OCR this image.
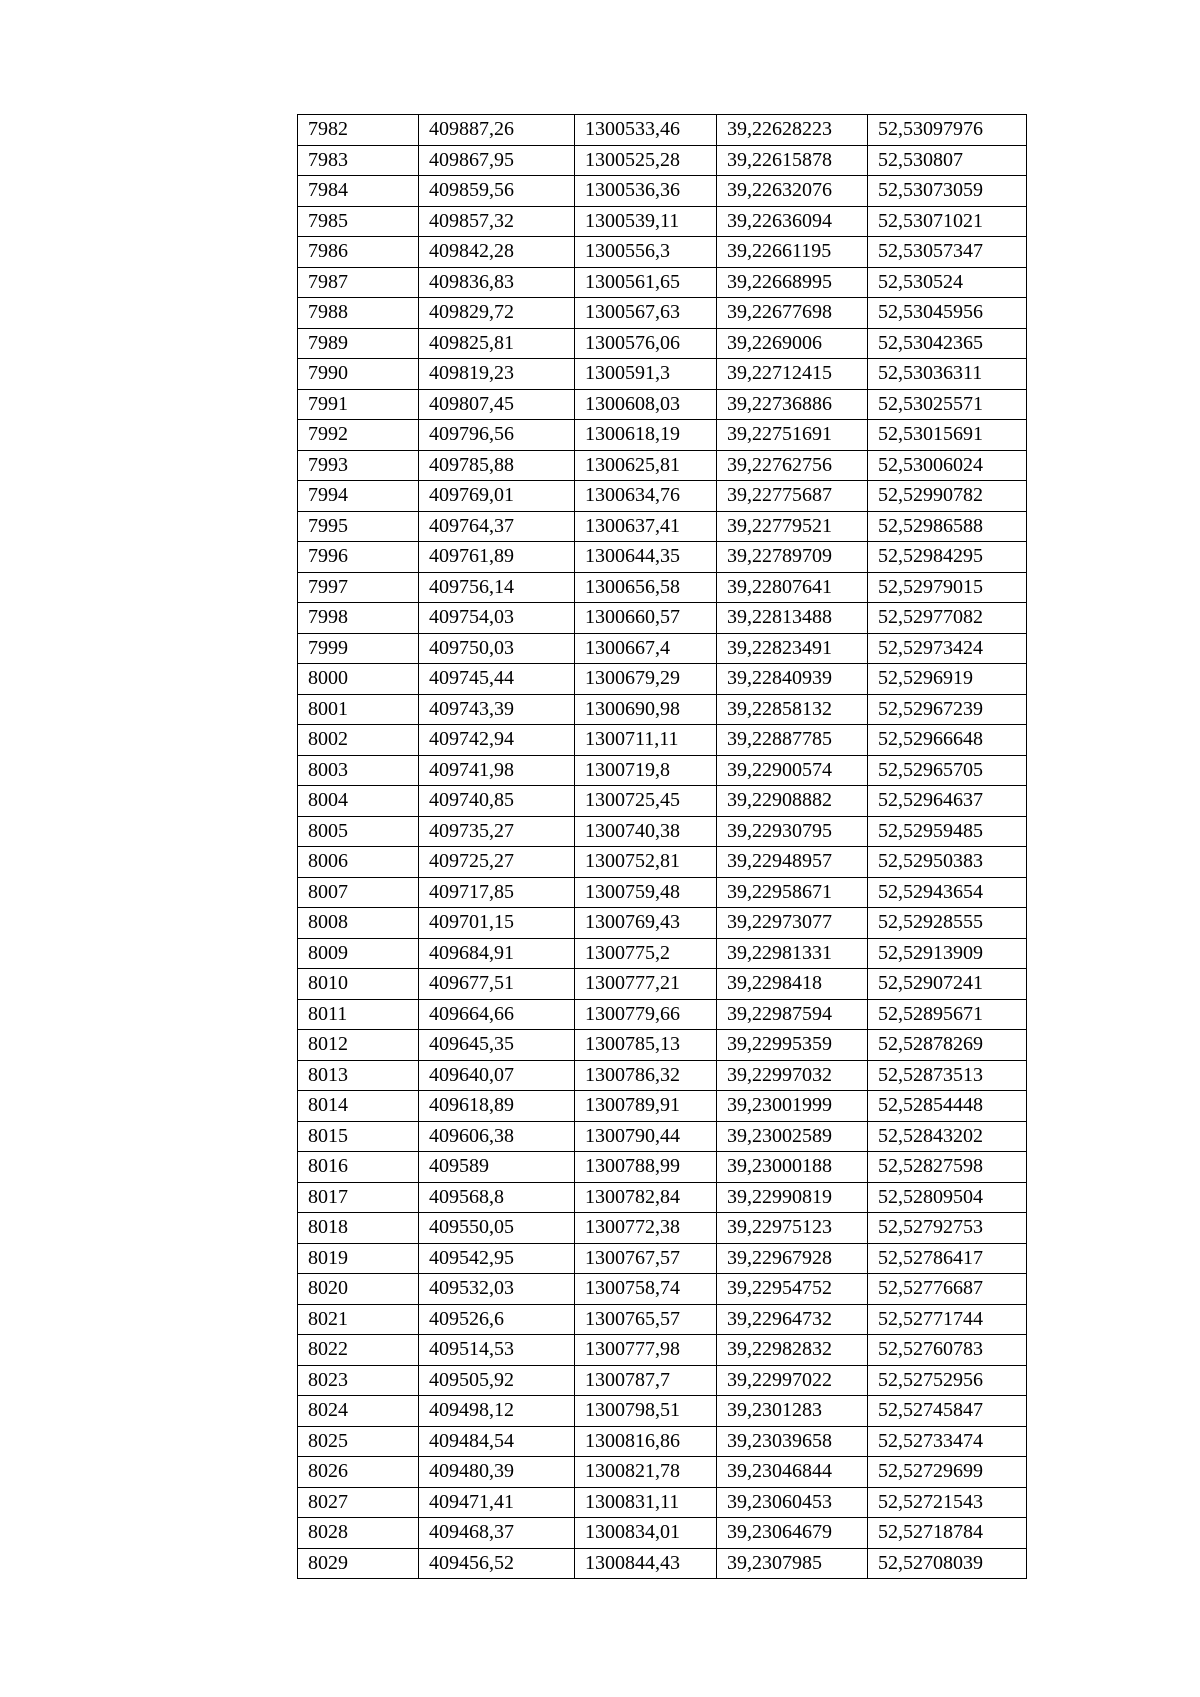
7982	409887,26	1300533,46	39,22628223	52,53097976
7983	409867,95	1300525,28	39,22615878	52,530807
7984	409859,56	1300536,36	39,22632076	52,53073059
7985	409857,32	1300539,11	39,22636094	52,53071021
7986	409842,28	1300556,3	39,22661195	52,53057347
7987	409836,83	1300561,65	39,22668995	52,530524
7988	409829,72	1300567,63	39,22677698	52,53045956
7989	409825,81	1300576,06	39,2269006	52,53042365
7990	409819,23	1300591,3	39,22712415	52,53036311
7991	409807,45	1300608,03	39,22736886	52,53025571
7992	409796,56	1300618,19	39,22751691	52,53015691
7993	409785,88	1300625,81	39,22762756	52,53006024
7994	409769,01	1300634,76	39,22775687	52,52990782
7995	409764,37	1300637,41	39,22779521	52,52986588
7996	409761,89	1300644,35	39,22789709	52,52984295
7997	409756,14	1300656,58	39,22807641	52,52979015
7998	409754,03	1300660,57	39,22813488	52,52977082
7999	409750,03	1300667,4	39,22823491	52,52973424
8000	409745,44	1300679,29	39,22840939	52,5296919
8001	409743,39	1300690,98	39,22858132	52,52967239
8002	409742,94	1300711,11	39,22887785	52,52966648
8003	409741,98	1300719,8	39,22900574	52,52965705
8004	409740,85	1300725,45	39,22908882	52,52964637
8005	409735,27	1300740,38	39,22930795	52,52959485
8006	409725,27	1300752,81	39,22948957	52,52950383
8007	409717,85	1300759,48	39,22958671	52,52943654
8008	409701,15	1300769,43	39,22973077	52,52928555
8009	409684,91	1300775,2	39,22981331	52,52913909
8010	409677,51	1300777,21	39,2298418	52,52907241
8011	409664,66	1300779,66	39,22987594	52,52895671
8012	409645,35	1300785,13	39,22995359	52,52878269
8013	409640,07	1300786,32	39,22997032	52,52873513
8014	409618,89	1300789,91	39,23001999	52,52854448
8015	409606,38	1300790,44	39,23002589	52,52843202
8016	409589	1300788,99	39,23000188	52,52827598
8017	409568,8	1300782,84	39,22990819	52,52809504
8018	409550,05	1300772,38	39,22975123	52,52792753
8019	409542,95	1300767,57	39,22967928	52,52786417
8020	409532,03	1300758,74	39,22954752	52,52776687
8021	409526,6	1300765,57	39,22964732	52,52771744
8022	409514,53	1300777,98	39,22982832	52,52760783
8023	409505,92	1300787,7	39,22997022	52,52752956
8024	409498,12	1300798,51	39,2301283	52,52745847
8025	409484,54	1300816,86	39,23039658	52,52733474
8026	409480,39	1300821,78	39,23046844	52,52729699
8027	409471,41	1300831,11	39,23060453	52,52721543
8028	409468,37	1300834,01	39,23064679	52,52718784
8029	409456,52	1300844,43	39,2307985	52,52708039
